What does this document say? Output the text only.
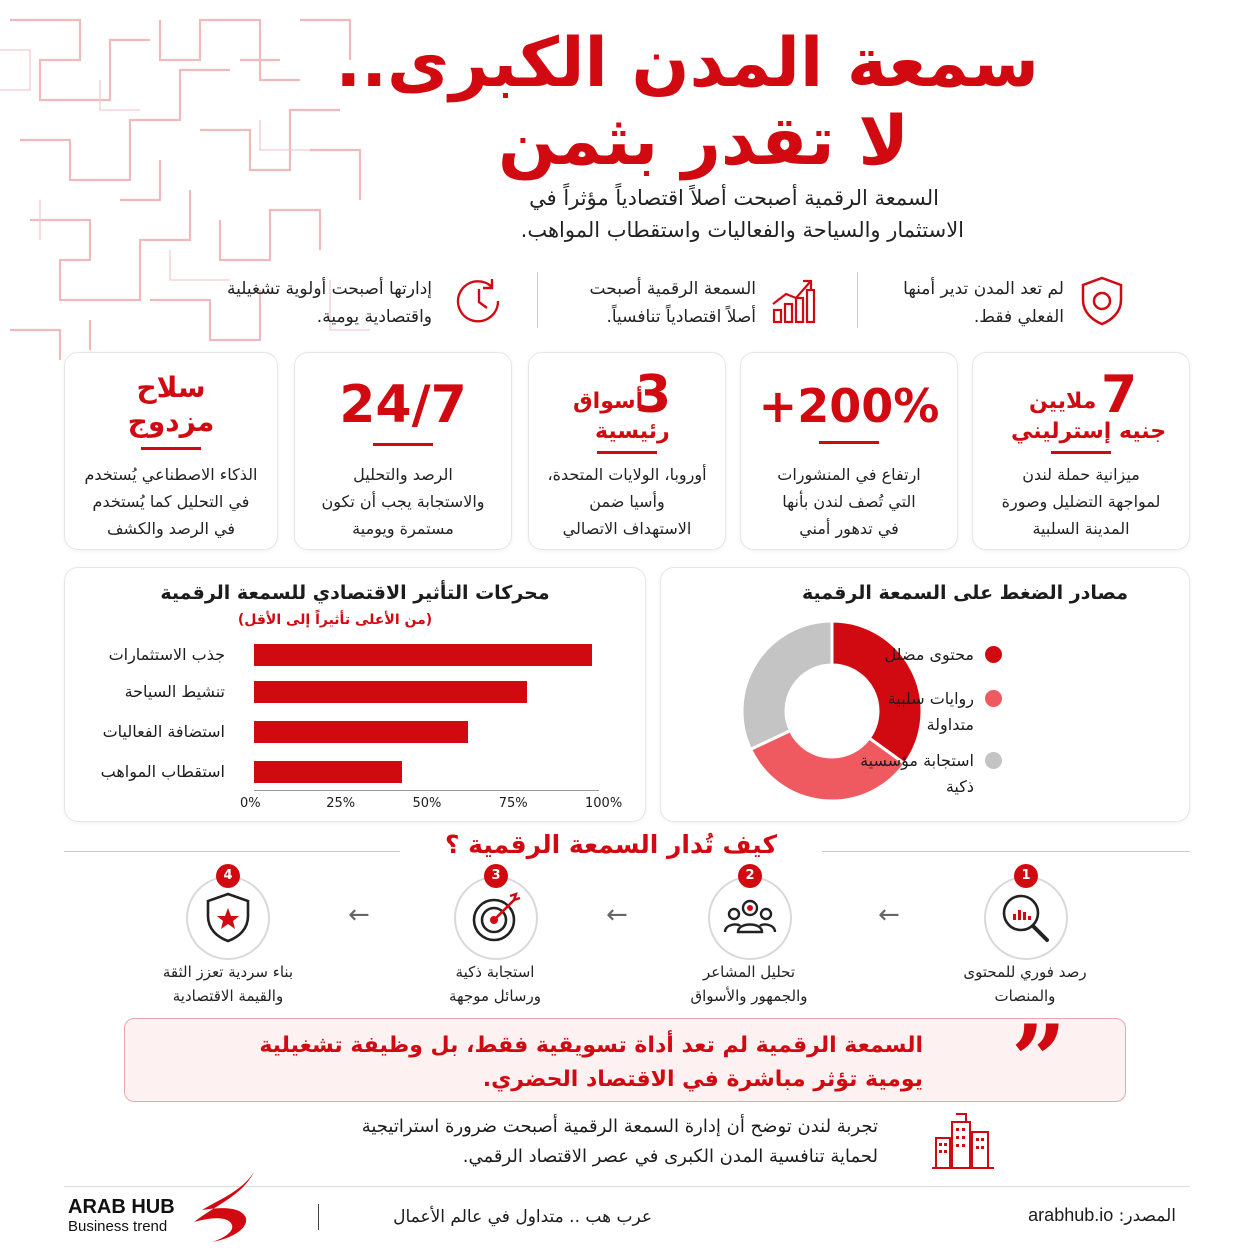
سمعة المدن الكبرى..
لا تقدر بثمن
السمعة الرقمية أصبحت أصلاً اقتصادياً مؤثراً في
الاستثمار والسياحة والفعاليات واستقطاب المواهب.
لم تعد المدن تدير أمنها
الفعلي فقط.
السمعة الرقمية أصبحت
أصلاً اقتصادياً تنافسياً.
إدارتها أصبحت أولوية تشغيلية
واقتصادية يومية.
7
ملايين
جنيه إسترليني
ميزانية حملة لندن
لمواجهة التضليل وصورة
المدينة السلبية
+200%
ارتفاع في المنشورات
التي تُصف لندن بأنها
في تدهور أمني
3
أسواق
رئيسية
أوروبا، الولايات المتحدة،
وأسيا ضمن
الاستهداف الاتصالي
24/7
الرصد والتحليل
والاستجابة يجب أن تكون
مستمرة ويومية
سلاح
مزدوج
الذكاء الاصطناعي يُستخدم
في التحليل كما يُستخدم
في الرصد والكشف
محركات التأثير الاقتصادي للسمعة الرقمية
(من الأعلى تأثيراً إلى الأقل)
جذب الاستثمارات
تنشيط السياحة
استضافة الفعاليات
استقطاب المواهب
0%	25%	50%	75%	100%
مصادر الضغط على السمعة الرقمية
محتوى مضلل
روايات سلبية
متداولة
استجابة مؤسسية
ذكية
كيف تُدار السمعة الرقمية ؟
1
رصد فوري للمحتوى
والمنصات
←
2
تحليل المشاعر
والجمهور والأسواق
←
3
استجابة ذكية
ورسائل موجهة
←
4
بناء سردية تعزز الثقة
والقيمة الاقتصادية
”
السمعة الرقمية لم تعد أداة تسويقية فقط، بل وظيفة تشغيلية
يومية تؤثر مباشرة في الاقتصاد الحضري.
تجربة لندن توضح أن إدارة السمعة الرقمية أصبحت ضرورة استراتيجية
لحماية تنافسية المدن الكبرى في عصر الاقتصاد الرقمي.
ARAB HUB
Business trend	عرب هب .. متداول في عالم الأعمال	المصدر: arabhub.io
